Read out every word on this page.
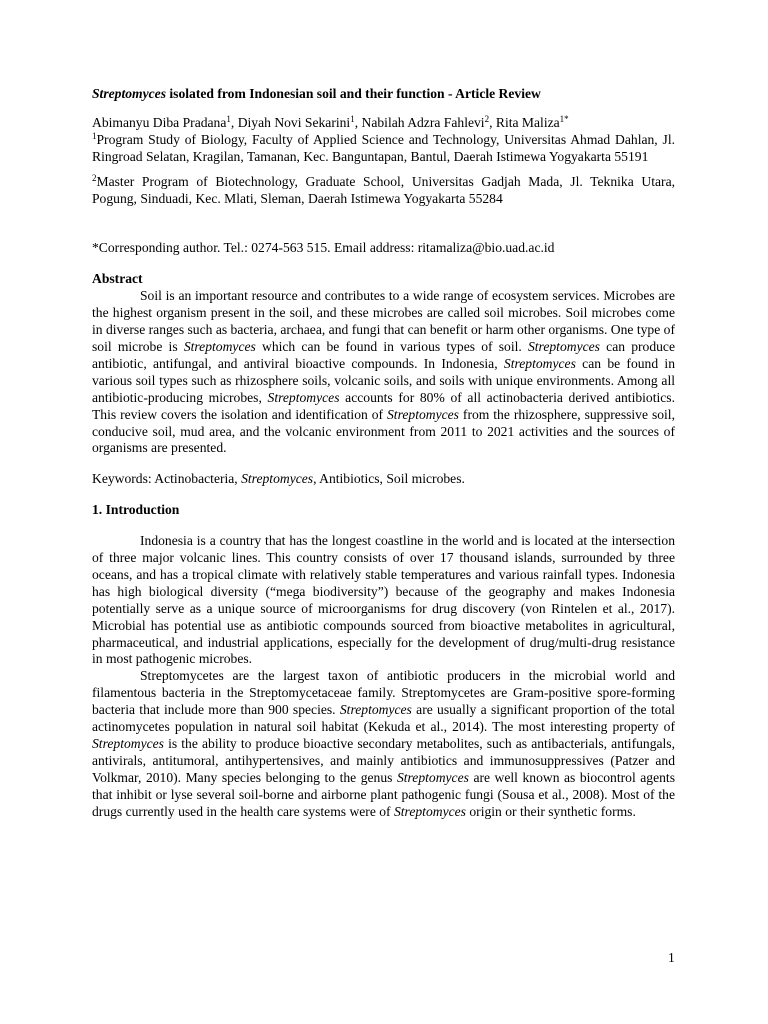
Streptomyces isolated from Indonesian soil and their function - Article Review

Abimanyu Diba Pradana$^1$, Diyah Novi Sekarini$^1$, Nabilah Adzra Fahlevi$^2$, Rita Maliza$^{1*}$

$^1$Program Study of Biology, Faculty of Applied Science and Technology, Universitas Ahmad Dahlan, Jl. Ringroad Selatan, Kragilan, Tamanan, Kec. Banguntapan, Bantul, Daerah Istimewa Yogyakarta 55191

$^2$Master Program of Biotechnology, Graduate School, Universitas Gadjah Mada, Jl. Teknika Utara, Pogung, Sinduadi, Kec. Mlati, Sleman, Daerah Istimewa Yogyakarta 55284

*Corresponding author. Tel.: 0274-563 515. Email address: ritamaliza@bio.uad.ac.id

Abstract

Soil is an important resource and contributes to a wide range of ecosystem services. Microbes are the highest organism present in the soil, and these microbes are called soil microbes. Soil microbes come in diverse ranges such as bacteria, archaea, and fungi that can benefit or harm other organisms. One type of soil microbe is Streptomyces which can be found in various types of soil. Streptomyces can produce antibiotic, antifungal, and antiviral bioactive compounds. In Indonesia, Streptomyces can be found in various soil types such as rhizosphere soils, volcanic soils, and soils with unique environments. Among all antibiotic-producing microbes, Streptomyces accounts for 80% of all actinobacteria derived antibiotics. This review covers the isolation and identification of Streptomyces from the rhizosphere, suppressive soil, conducive soil, mud area, and the volcanic environment from 2011 to 2021 activities and the sources of organisms are presented.

Keywords: Actinobacteria, Streptomyces, Antibiotics, Soil microbes.

1. Introduction

Indonesia is a country that has the longest coastline in the world and is located at the intersection of three major volcanic lines. This country consists of over 17 thousand islands, surrounded by three oceans, and has a tropical climate with relatively stable temperatures and various rainfall types. Indonesia has high biological diversity (“mega biodiversity”) because of the geography and makes Indonesia potentially serve as a unique source of microorganisms for drug discovery (von Rintelen et al., 2017). Microbial has potential use as antibiotic compounds sourced from bioactive metabolites in agricultural, pharmaceutical, and industrial applications, especially for the development of drug/multi-drug resistance in most pathogenic microbes.

Streptomycetes are the largest taxon of antibiotic producers in the microbial world and filamentous bacteria in the Streptomycetaceae family. Streptomycetes are Gram-positive spore-forming bacteria that include more than 900 species. Streptomyces are usually a significant proportion of the total actinomycetes population in natural soil habitat (Kekuda et al., 2014). The most interesting property of Streptomyces is the ability to produce bioactive secondary metabolites, such as antibacterials, antifungals, antivirals, antitumoral, antihypertensives, and mainly antibiotics and immunosuppressives (Patzer and Volkmar, 2010). Many species belonging to the genus Streptomyces are well known as biocontrol agents that inhibit or lyse several soil-borne and airborne plant pathogenic fungi (Sousa et al., 2008). Most of the drugs currently used in the health care systems were of Streptomyces origin or their synthetic forms.

1
